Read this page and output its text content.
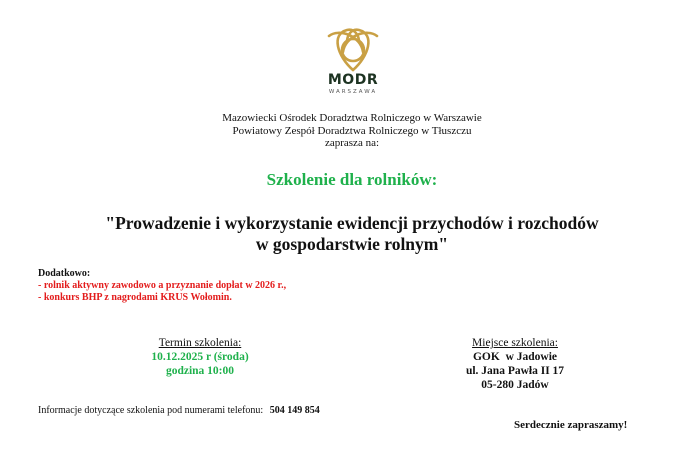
MODR
WARSZAWA
Mazowiecki Ośrodek Doradztwa Rolniczego w Warszawie
Powiatowy Zespół Doradztwa Rolniczego w Tłuszczu
zaprasza na:
Szkolenie dla rolników:
"Prowadzenie i wykorzystanie ewidencji przychodów i rozchodów
w gospodarstwie rolnym"
Dodatkowo:
- rolnik aktywny zawodowo a przyznanie dopłat w 2026 r.,
- konkurs BHP z nagrodami KRUS Wołomin.
Termin szkolenia:
10.12.2025 r (środa)
godzina 10:00
Miejsce szkolenia:
GOK  w Jadowie
ul. Jana Pawła II 17
05-280 Jadów
Informacje dotyczące szkolenia pod numerami telefonu: 504 149 854
Serdecznie zapraszamy!
